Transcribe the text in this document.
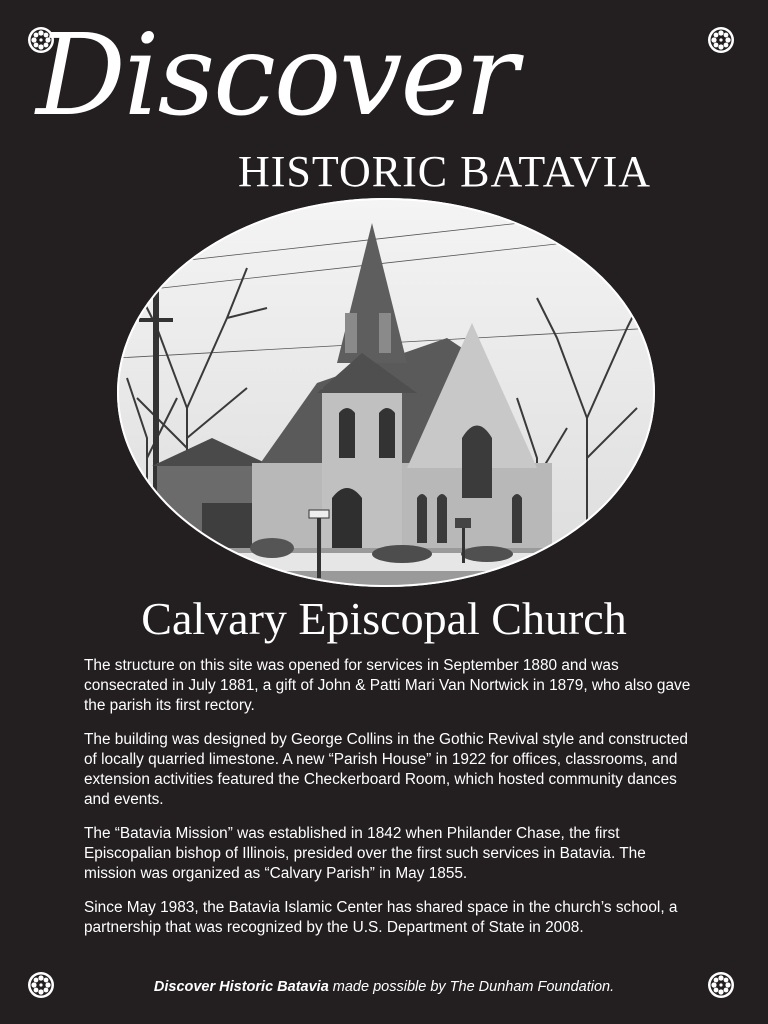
Discover
HISTORIC BATAVIA
Calvary Episcopal Church

The structure on this site was opened for services in September 1880 and was consecrated in July 1881, a gift of John & Patti Mari Van Nortwick in 1879, who also gave the parish its first rectory.

The building was designed by George Collins in the Gothic Revival style and constructed of locally quarried limestone. A new “Parish House” in 1922 for offices, classrooms, and extension activities featured the Checkerboard Room, which hosted community dances and events.

The “Batavia Mission” was established in 1842 when Philander Chase, the first Episcopalian bishop of Illinois, presided over the first such services in Batavia. The mission was organized as “Calvary Parish” in May 1855.

Since May 1983, the Batavia Islamic Center has shared space in the church’s school, a partnership that was recognized by the U.S. Department of State in 2008.

Discover Historic Batavia made possible by The Dunham Foundation.
